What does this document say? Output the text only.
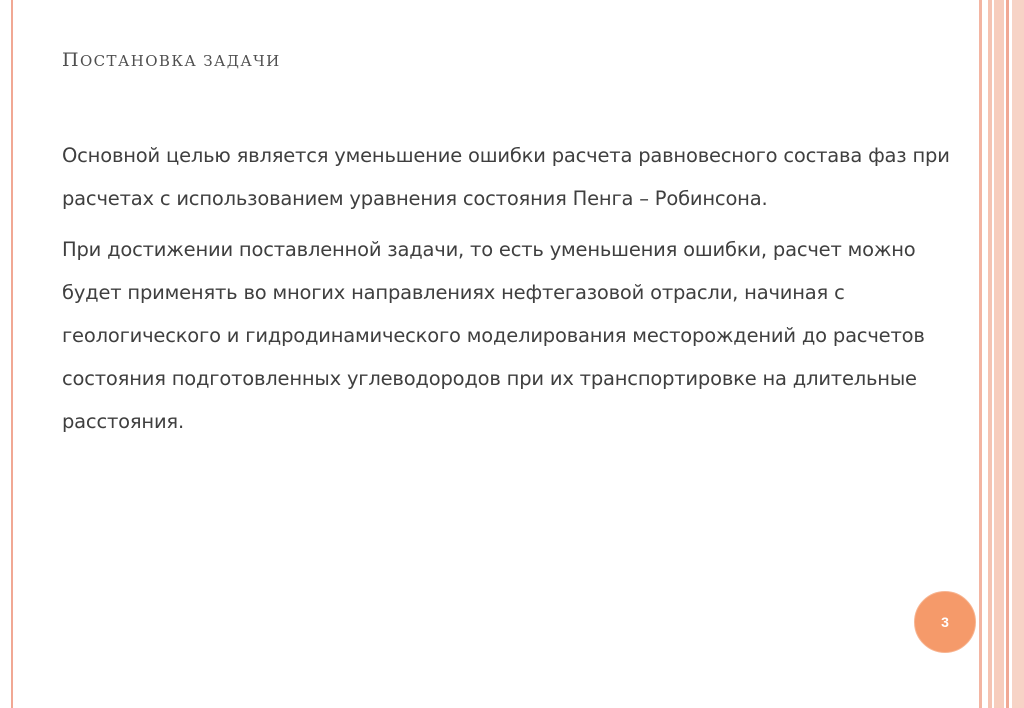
ПОСТАНОВКА ЗАДАЧИ

Основной целью является уменьшение ошибки расчета равновесного состава фаз при расчетах с использованием уравнения состояния Пенга – Робинсона.

При достижении поставленной задачи, то есть уменьшения ошибки, расчет можно будет применять во многих направлениях нефтегазовой отрасли, начиная с геологического и гидродинамического моделирования месторождений до расчетов состояния подготовленных углеводородов при их транспортировке на длительные расстояния.

3
